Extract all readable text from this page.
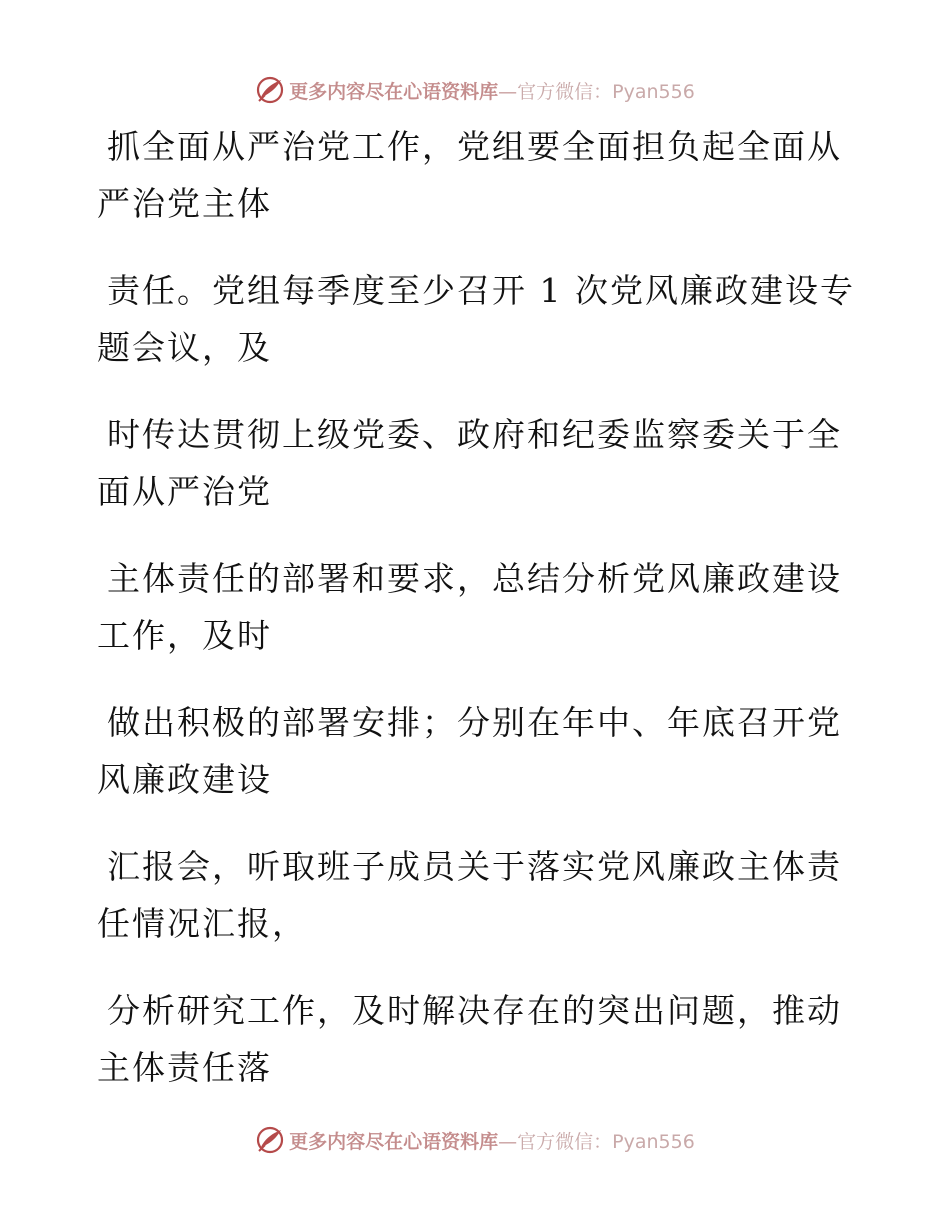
更多内容尽在心语资料库—官方微信：Pyan556

抓全面从严治党工作，党组要全面担负起全面从
严治党主体

责任。党组每季度至少召开 1 次党风廉政建设专
题会议，及

时传达贯彻上级党委、政府和纪委监察委关于全
面从严治党

主体责任的部署和要求，总结分析党风廉政建设
工作，及时

做出积极的部署安排；分别在年中、年底召开党
风廉政建设

汇报会，听取班子成员关于落实党风廉政主体责
任情况汇报，

分析研究工作，及时解决存在的突出问题，推动
主体责任落

更多内容尽在心语资料库—官方微信：Pyan556
